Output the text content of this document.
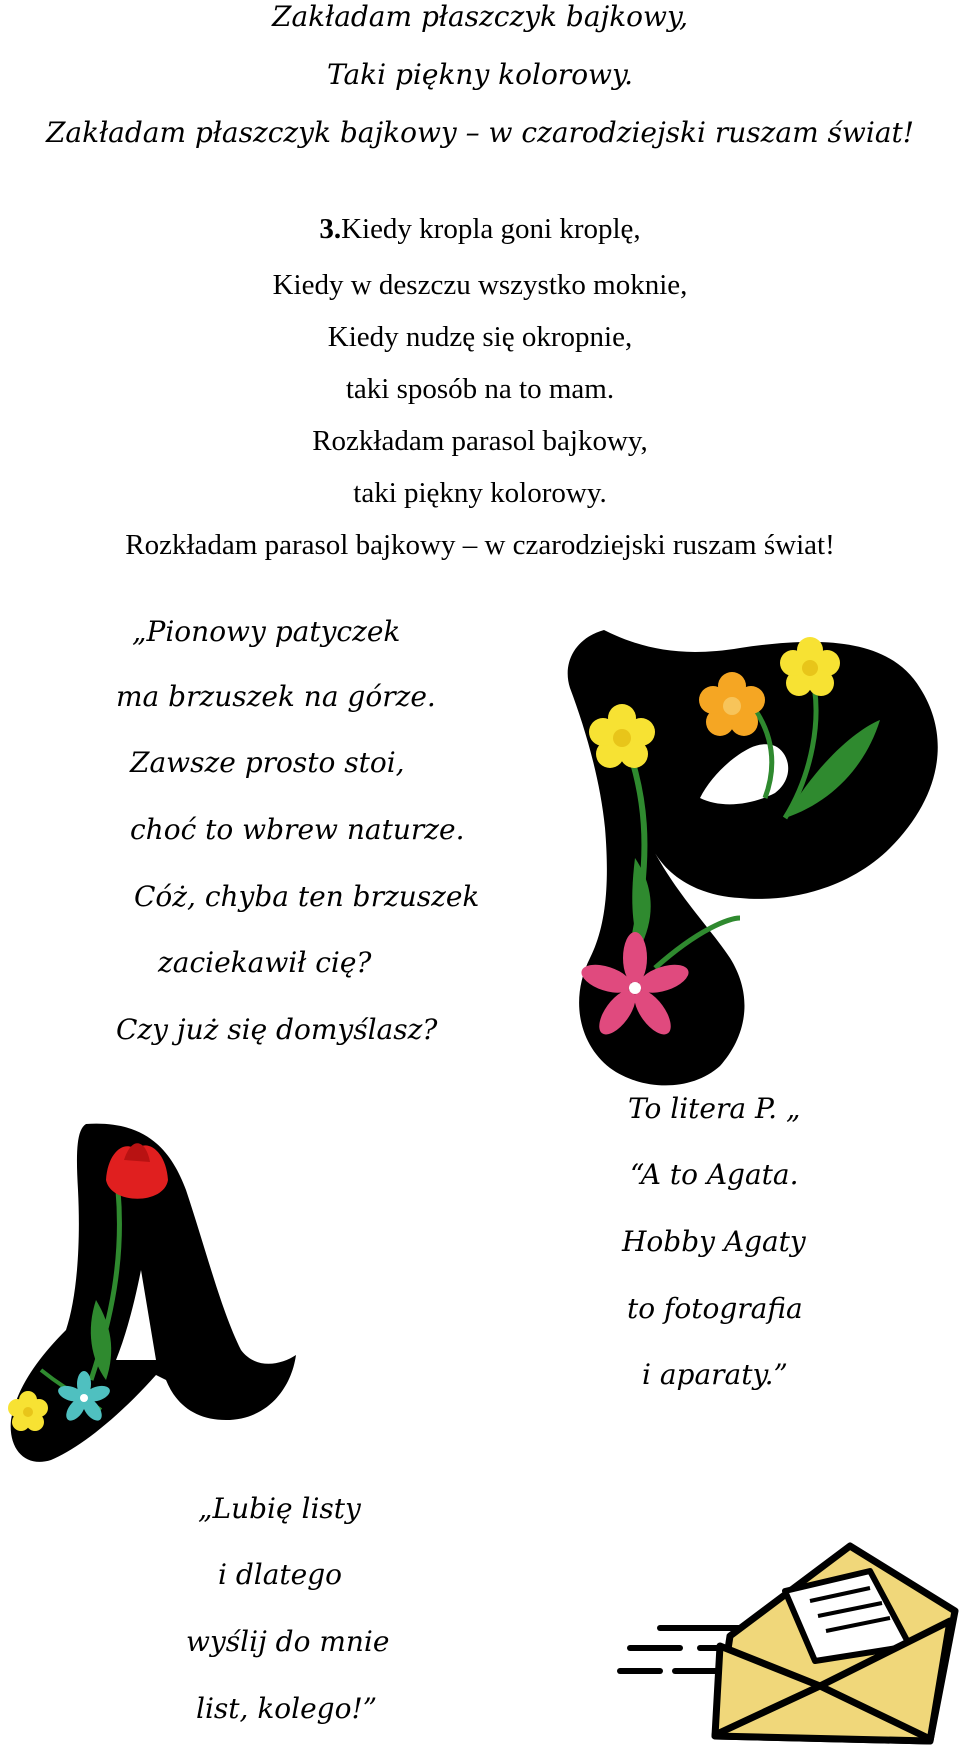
Zakładam płaszczyk bajkowy,
Taki piękny kolorowy.
Zakładam płaszczyk bajkowy – w czarodziejski ruszam świat!
3.Kiedy kropla goni kroplę,
Kiedy w deszczu wszystko moknie,
Kiedy nudzę się okropnie,
taki sposób na to mam.
Rozkładam parasol bajkowy,
taki piękny kolorowy.
Rozkładam parasol bajkowy – w czarodziejski ruszam świat!
„Pionowy patyczek
ma brzuszek na górze.
Zawsze prosto stoi,
choć to wbrew naturze.
Cóż, chyba ten brzuszek
zaciekawił cię?
Czy już się domyślasz?
To litera P. „
“A to Agata.
Hobby Agaty
to fotografia
i aparaty.”
„Lubię listy
i dlatego
wyślij do mnie
list, kolego!”
